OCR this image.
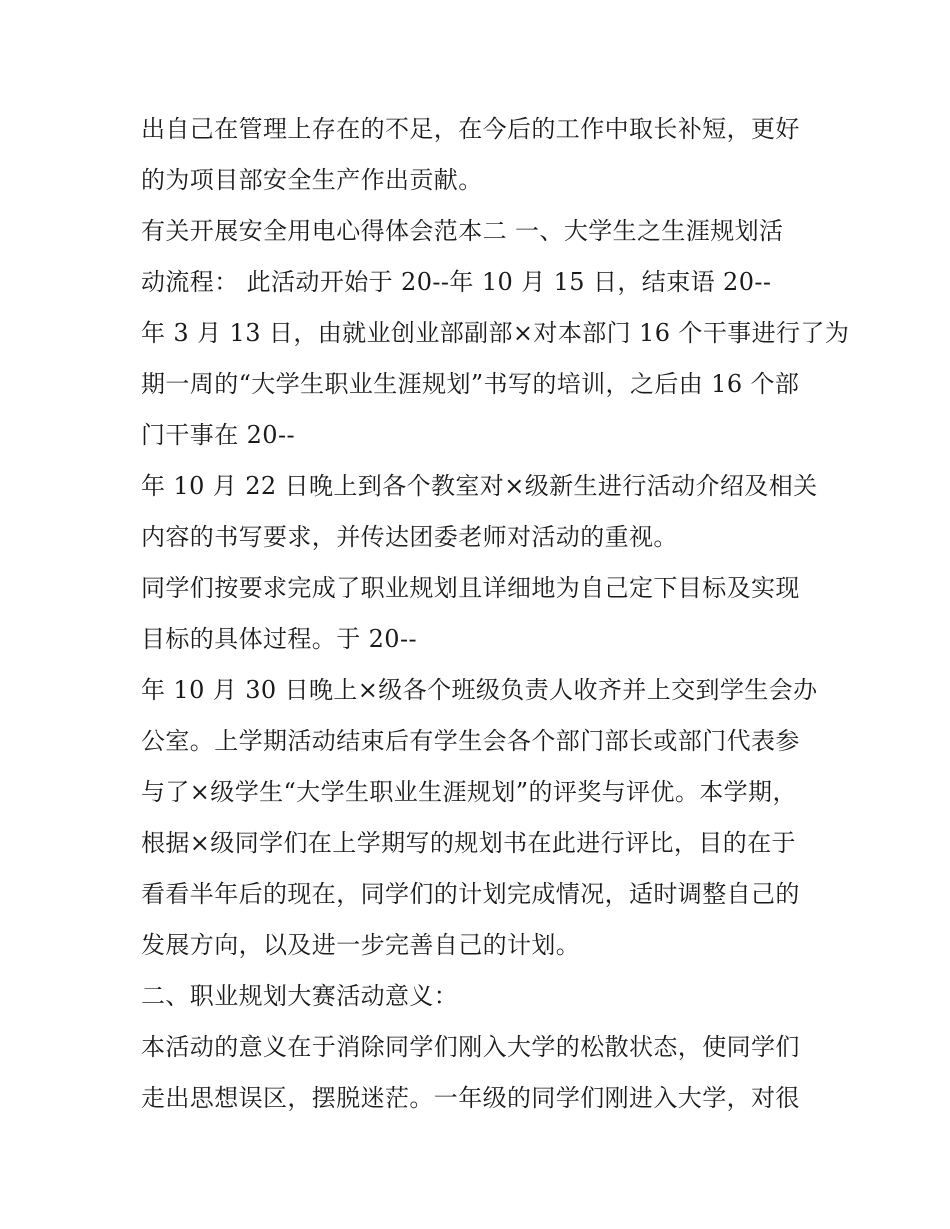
出自己在管理上存在的不足，在今后的工作中取长补短，更好
的为项目部安全生产作出贡献。
有关开展安全用电心得体会范本二 一、大学生之生涯规划活
动流程： 此活动开始于 20--年 10 月 15 日，结束语 20--
年 3 月 13 日，由就业创业部副部×对本部门 16 个干事进行了为
期一周的“大学生职业生涯规划”书写的培训，之后由 16 个部
门干事在 20--
年 10 月 22 日晚上到各个教室对×级新生进行活动介绍及相关
内容的书写要求，并传达团委老师对活动的重视。
同学们按要求完成了职业规划且详细地为自己定下目标及实现
目标的具体过程。于 20--
年 10 月 30 日晚上×级各个班级负责人收齐并上交到学生会办
公室。上学期活动结束后有学生会各个部门部长或部门代表参
与了×级学生“大学生职业生涯规划”的评奖与评优。本学期，
根据×级同学们在上学期写的规划书在此进行评比，目的在于
看看半年后的现在，同学们的计划完成情况，适时调整自己的
发展方向，以及进一步完善自己的计划。
二、职业规划大赛活动意义：
本活动的意义在于消除同学们刚入大学的松散状态，使同学们
走出思想误区，摆脱迷茫。一年级的同学们刚进入大学，对很
